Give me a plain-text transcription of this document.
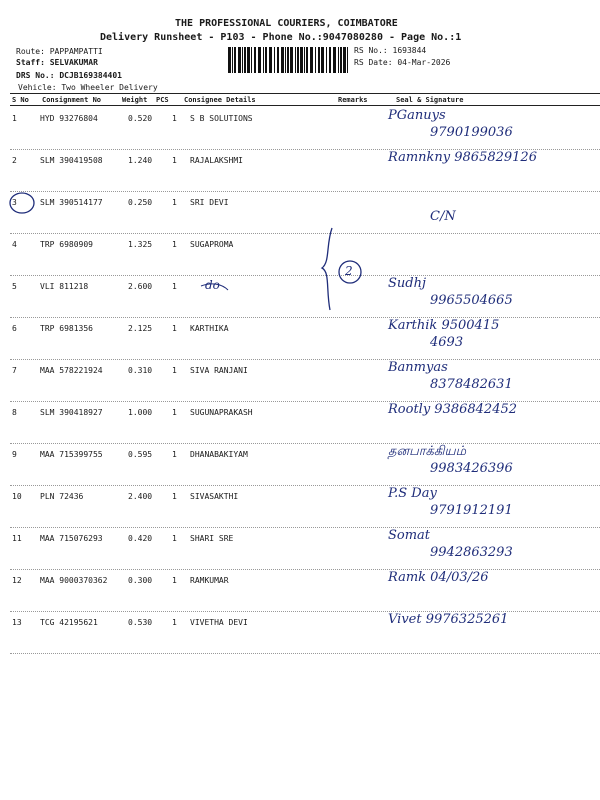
THE PROFESSIONAL COURIERS, COIMBATORE
Delivery Runsheet - P103 - Phone No.:9047080280 - Page No.:1
Route: PAPPAMPATTI
Staff: SELVAKUMAR
DRS No.: DCJB169384401
Vehicle: Two Wheeler Delivery
RS No.: 1693844
RS Date: 04-Mar-2026
S No Consignment No	Weight PCS Consignee Details	Remarks	Seal & Signature
1	HYD 93276804	0.520 1 S B SOLUTIONS	PGanuys
9790199036
2	SLM 390419508	1.240 1 RAJALAKSHMI	Ramnkny 9865829126
3	SLM 390514177	0.250 1 SRI DEVI
C/N
4	TRP 6980909	1.325 1 SUGAPROMA
5	VLI 811218	2.600 1 do	Sudhj
9965504665
6	TRP 6981356	2.125 1 KARTHIKA	Karthik 9500415
4693
7	MAA 578221924	0.310 1 SIVA RANJANI	Banmyas
8378482631
8	SLM 390418927	1.000 1 SUGUNAPRAKASH	Rootly 9386842452
9	MAA 715399755	0.595 1 DHANABAKIYAM	தனபாக்கியம்
9983426396
10 PLN 72436	2.400 1 SIVASAKTHI	P.S Day
9791912191
11 MAA 715076293	0.420 1 SHARI SRE	Somat
9942863293
12 MAA 9000370362	0.300 1 RAMKUMAR	Ramk 04/03/26
13 TCG 42195621	0.530 1 VIVETHA DEVI	Vivet 9976325261
2
